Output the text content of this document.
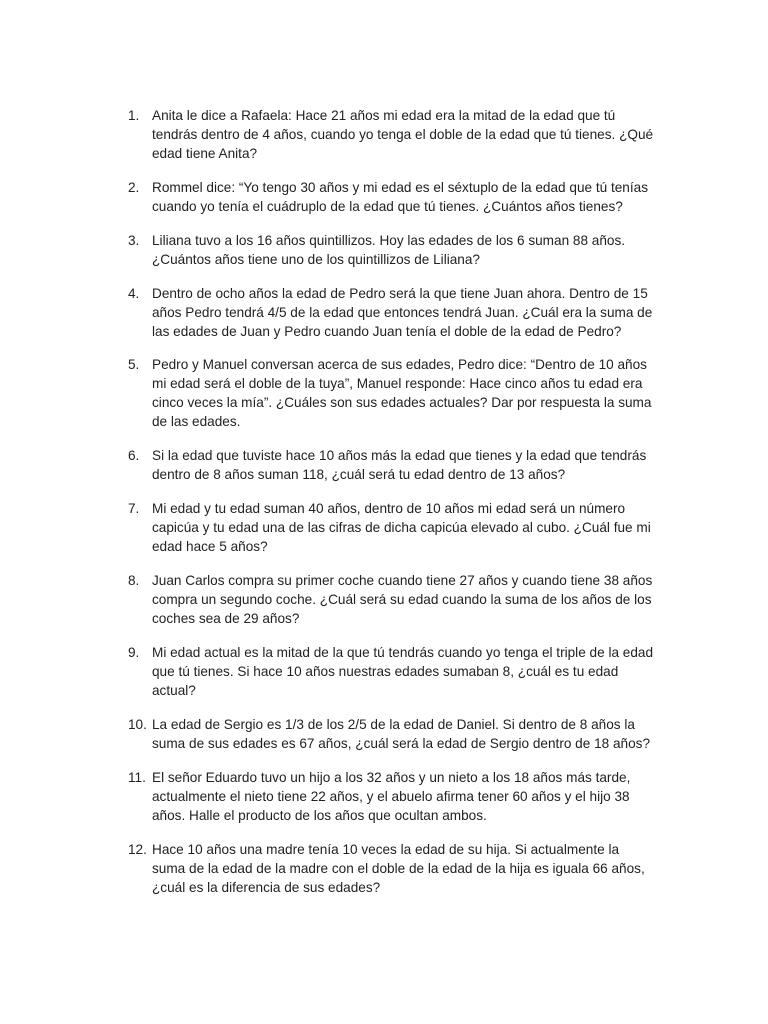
1. Anita le dice a Rafaela: Hace 21 años mi edad era la mitad de la edad que tú
tendrás dentro de 4 años, cuando yo tenga el doble de la edad que tú tienes. ¿Qué
edad tiene Anita?
2. Rommel dice: “Yo tengo 30 años y mi edad es el séxtuplo de la edad que tú tenías
cuando yo tenía el cuádruplo de la edad que tú tienes. ¿Cuántos años tienes?
3. Liliana tuvo a los 16 años quintillizos. Hoy las edades de los 6 suman 88 años.
¿Cuántos años tiene uno de los quintillizos de Liliana?
4. Dentro de ocho años la edad de Pedro será la que tiene Juan ahora. Dentro de 15
años Pedro tendrá 4/5 de la edad que entonces tendrá Juan. ¿Cuál era la suma de
las edades de Juan y Pedro cuando Juan tenía el doble de la edad de Pedro?
5. Pedro y Manuel conversan acerca de sus edades, Pedro dice: “Dentro de 10 años
mi edad será el doble de la tuya”, Manuel responde: Hace cinco años tu edad era
cinco veces la mía”. ¿Cuáles son sus edades actuales? Dar por respuesta la suma
de las edades.
6. Si la edad que tuviste hace 10 años más la edad que tienes y la edad que tendrás
dentro de 8 años suman 118, ¿cuál será tu edad dentro de 13 años?
7. Mi edad y tu edad suman 40 años, dentro de 10 años mi edad será un número
capicúa y tu edad una de las cifras de dicha capicúa elevado al cubo. ¿Cuál fue mi
edad hace 5 años?
8. Juan Carlos compra su primer coche cuando tiene 27 años y cuando tiene 38 años
compra un segundo coche. ¿Cuál será su edad cuando la suma de los años de los
coches sea de 29 años?
9. Mi edad actual es la mitad de la que tú tendrás cuando yo tenga el triple de la edad
que tú tienes. Si hace 10 años nuestras edades sumaban 8, ¿cuál es tu edad
actual?
10. La edad de Sergio es 1/3 de los 2/5 de la edad de Daniel. Si dentro de 8 años la
suma de sus edades es 67 años, ¿cuál será la edad de Sergio dentro de 18 años?
11. El señor Eduardo tuvo un hijo a los 32 años y un nieto a los 18 años más tarde,
actualmente el nieto tiene 22 años, y el abuelo afirma tener 60 años y el hijo 38
años. Halle el producto de los años que ocultan ambos.
12. Hace 10 años una madre tenía 10 veces la edad de su hija. Si actualmente la
suma de la edad de la madre con el doble de la edad de la hija es iguala 66 años,
¿cuál es la diferencia de sus edades?
